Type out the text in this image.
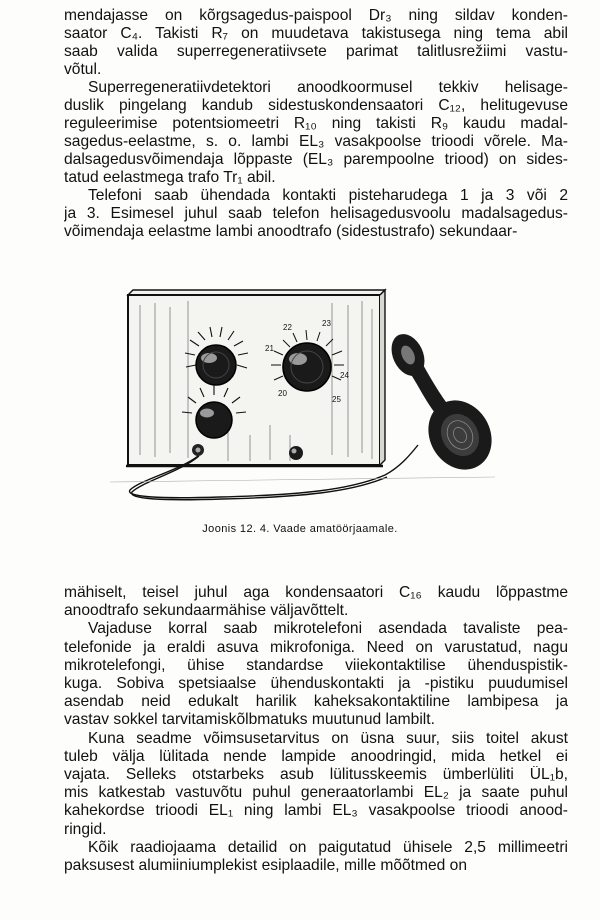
mendajasse on kõrgsagedus-paispool Dr₃ ning sildav konden-
saator C₄. Takisti R₇ on muudetava takistusega ning tema abil
saab valida superregeneratiivsete parimat talitlusrežiimi vastu-
võtul.
Superregeneratiivdetektori anoodkoormusel tekkiv helisage-
duslik pingelang kandub sidestuskondensaatori C₁₂, helitugevuse
reguleerimise potentsiomeetri R₁₀ ning takisti R₉ kaudu madal-
sagedus-eelastme, s. o. lambi EL₃ vasakpoolse trioodi võrele. Ma-
dalsagedusvõimendaja lõppaste (EL₃ parempoolne triood) on sides-
tatud eelastmega trafo Tr₁ abil.
Telefoni saab ühendada kontakti pisteharudega 1 ja 3 või 2
ja 3. Esimesel juhul saab telefon helisagedusvoolu madalsagedus-
võimendaja eelastme lambi anoodtrafo (sidestustrafo) sekundaar-
21
22	23
24
25
20
Joonis 12. 4. Vaade amatöörjaamale.
mähiselt, teisel juhul aga kondensaatori C₁₆ kaudu lõppastme
anoodtrafo sekundaarmähise väljavõttelt.
Vajaduse korral saab mikrotelefoni asendada tavaliste pea-
telefonide ja eraldi asuva mikrofoniga. Need on varustatud, nagu
mikrotelefongi, ühise standardse viiekontaktilise ühenduspistik-
kuga. Sobiva spetsiaalse ühenduskontakti ja -pistiku puudumisel
asendab neid edukalt harilik kaheksakontaktiline lambipesa ja
vastav sokkel tarvitamiskõlbmatuks muutunud lambilt.
Kuna seadme võimsusetarvitus on üsna suur, siis toitel akust
tuleb välja lülitada nende lampide anoodringid, mida hetkel ei
vajata. Selleks otstarbeks asub lülitusskeemis ümberlüliti ÜL₁b,
mis katkestab vastuvõtu puhul generaatorlambi EL₂ ja saate puhul
kahekordse trioodi EL₁ ning lambi EL₃ vasakpoolse trioodi anood-
ringid.
Kõik raadiojaama detailid on paigutatud ühisele 2,5 millimeetri
paksusest alumiiniumplekist esiplaadile, mille mõõtmed on
